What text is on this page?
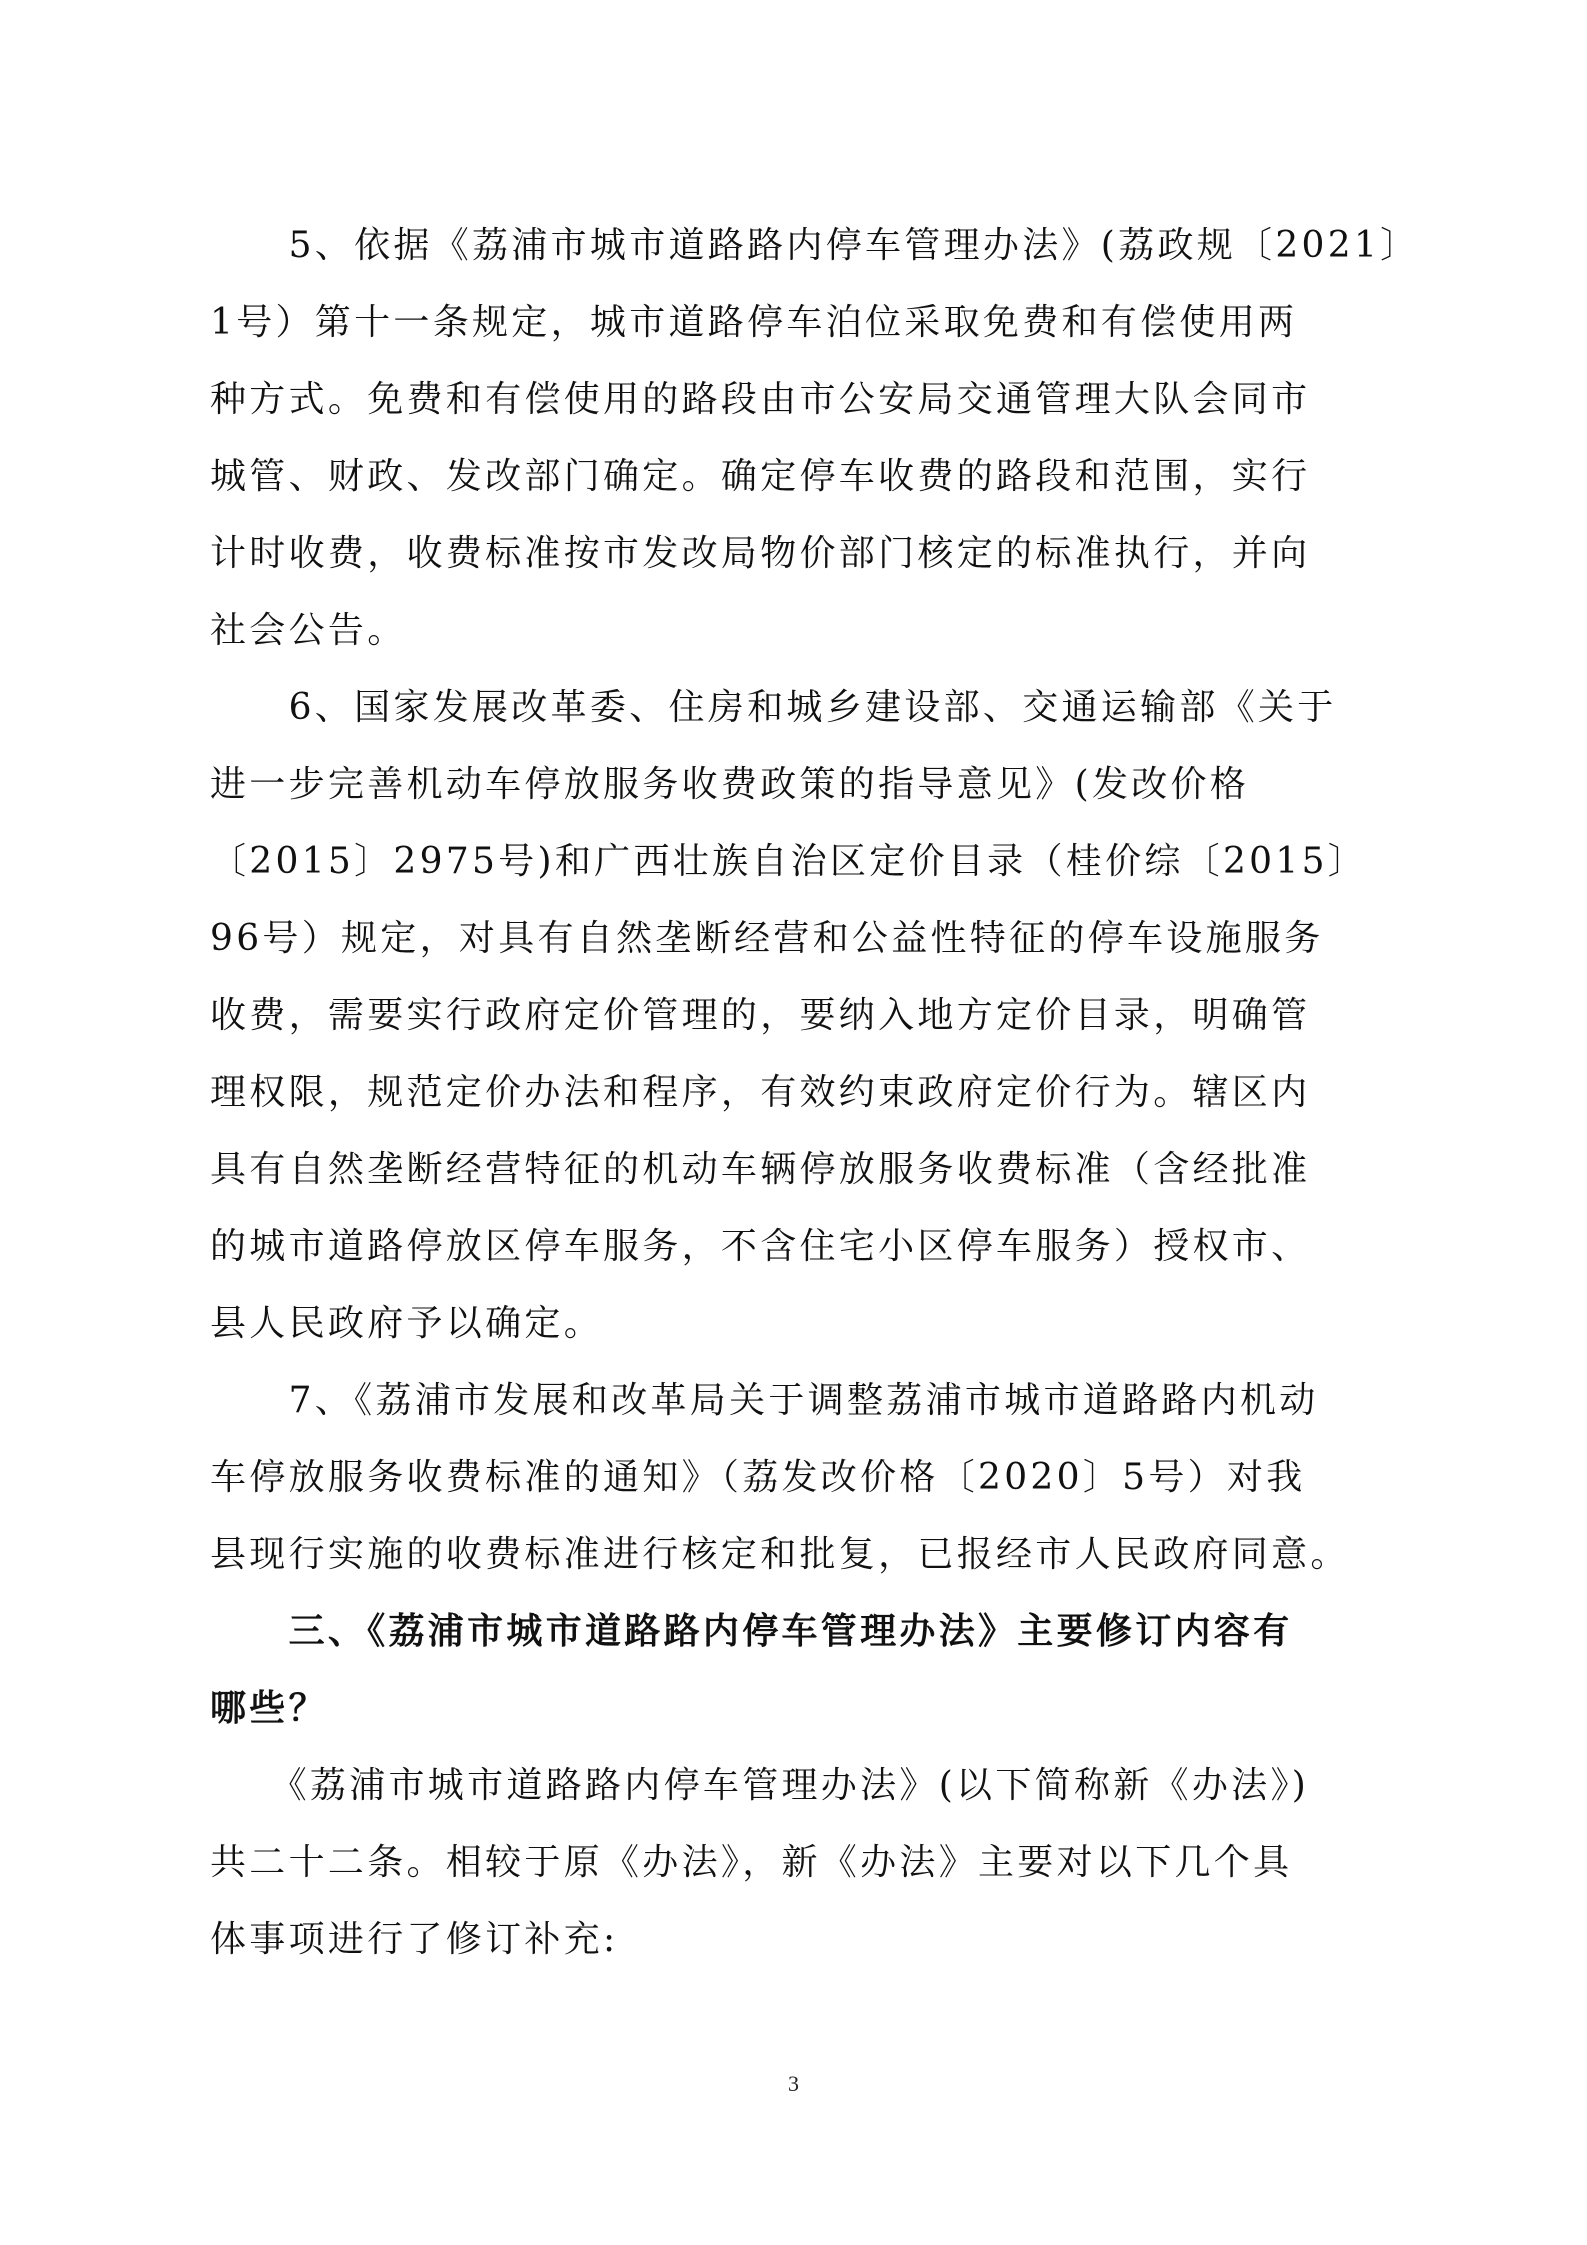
　　5、依据《荔浦市城市道路路内停车管理办法》(荔政规〔2021〕
1号）第十一条规定，城市道路停车泊位采取免费和有偿使用两
种方式。免费和有偿使用的路段由市公安局交通管理大队会同市
城管、财政、发改部门确定。确定停车收费的路段和范围，实行
计时收费，收费标准按市发改局物价部门核定的标准执行，并向
社会公告。
　　6、国家发展改革委、住房和城乡建设部、交通运输部《关于
进一步完善机动车停放服务收费政策的指导意见》(发改价格
〔2015〕2975号)和广西壮族自治区定价目录（桂价综〔2015〕
96号）规定，对具有自然垄断经营和公益性特征的停车设施服务
收费，需要实行政府定价管理的，要纳入地方定价目录，明确管
理权限，规范定价办法和程序，有效约束政府定价行为。辖区内
具有自然垄断经营特征的机动车辆停放服务收费标准（含经批准
的城市道路停放区停车服务，不含住宅小区停车服务）授权市、
县人民政府予以确定。
　　7、《荔浦市发展和改革局关于调整荔浦市城市道路路内机动
车停放服务收费标准的通知》（荔发改价格〔2020〕5号）对我
县现行实施的收费标准进行核定和批复，已报经市人民政府同意。
　　三、《荔浦市城市道路路内停车管理办法》主要修订内容有
哪些？
　　《荔浦市城市道路路内停车管理办法》(以下简称新《办法》)
共二十二条。相较于原《办法》，新《办法》主要对以下几个具
体事项进行了修订补充:
3
